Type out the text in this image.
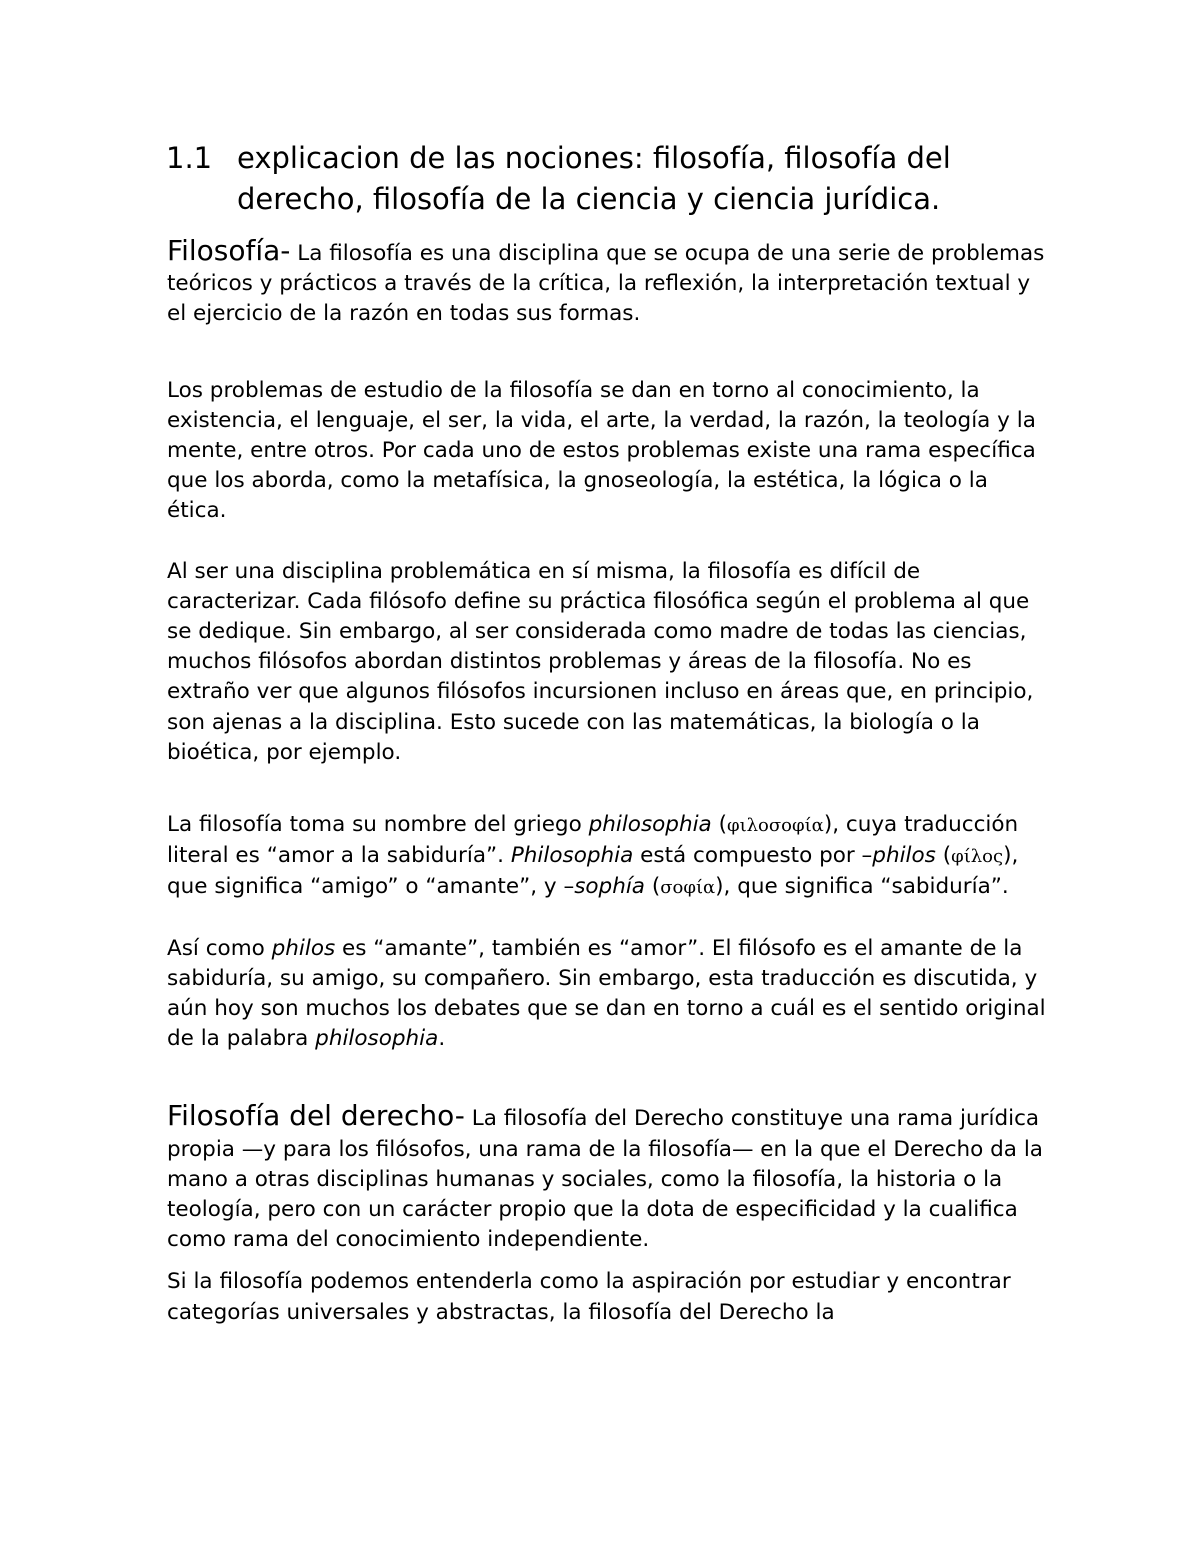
1.1 explicacion de las nociones: filosofía, filosofía del derecho, filosofía de la ciencia y ciencia jurídica.

Filosofía- La filosofía es una disciplina que se ocupa de una serie de problemas teóricos y prácticos a través de la crítica, la reflexión, la interpretación textual y el ejercicio de la razón en todas sus formas.

Los problemas de estudio de la filosofía se dan en torno al conocimiento, la existencia, el lenguaje, el ser, la vida, el arte, la verdad, la razón, la teología y la mente, entre otros. Por cada uno de estos problemas existe una rama específica que los aborda, como la metafísica, la gnoseología, la estética, la lógica o la ética.

Al ser una disciplina problemática en sí misma, la filosofía es difícil de caracterizar. Cada filósofo define su práctica filosófica según el problema al que se dedique. Sin embargo, al ser considerada como madre de todas las ciencias, muchos filósofos abordan distintos problemas y áreas de la filosofía. No es extraño ver que algunos filósofos incursionen incluso en áreas que, en principio, son ajenas a la disciplina. Esto sucede con las matemáticas, la biología o la bioética, por ejemplo.

La filosofía toma su nombre del griego philosophia (φιλοσοφία), cuya traducción literal es “amor a la sabiduría”. Philosophia está compuesto por –philos (φίλος), que significa “amigo” o “amante”, y –sophía (σοφία), que significa “sabiduría”.

Así como philos es “amante”, también es “amor”. El filósofo es el amante de la sabiduría, su amigo, su compañero. Sin embargo, esta traducción es discutida, y aún hoy son muchos los debates que se dan en torno a cuál es el sentido original de la palabra philosophia.

Filosofía del derecho- La filosofía del Derecho constituye una rama jurídica propia —y para los filósofos, una rama de la filosofía— en la que el Derecho da la mano a otras disciplinas humanas y sociales, como la filosofía, la historia o la teología, pero con un carácter propio que la dota de especificidad y la cualifica como rama del conocimiento independiente.

Si la filosofía podemos entenderla como la aspiración por estudiar y encontrar categorías universales y abstractas, la filosofía del Derecho la
